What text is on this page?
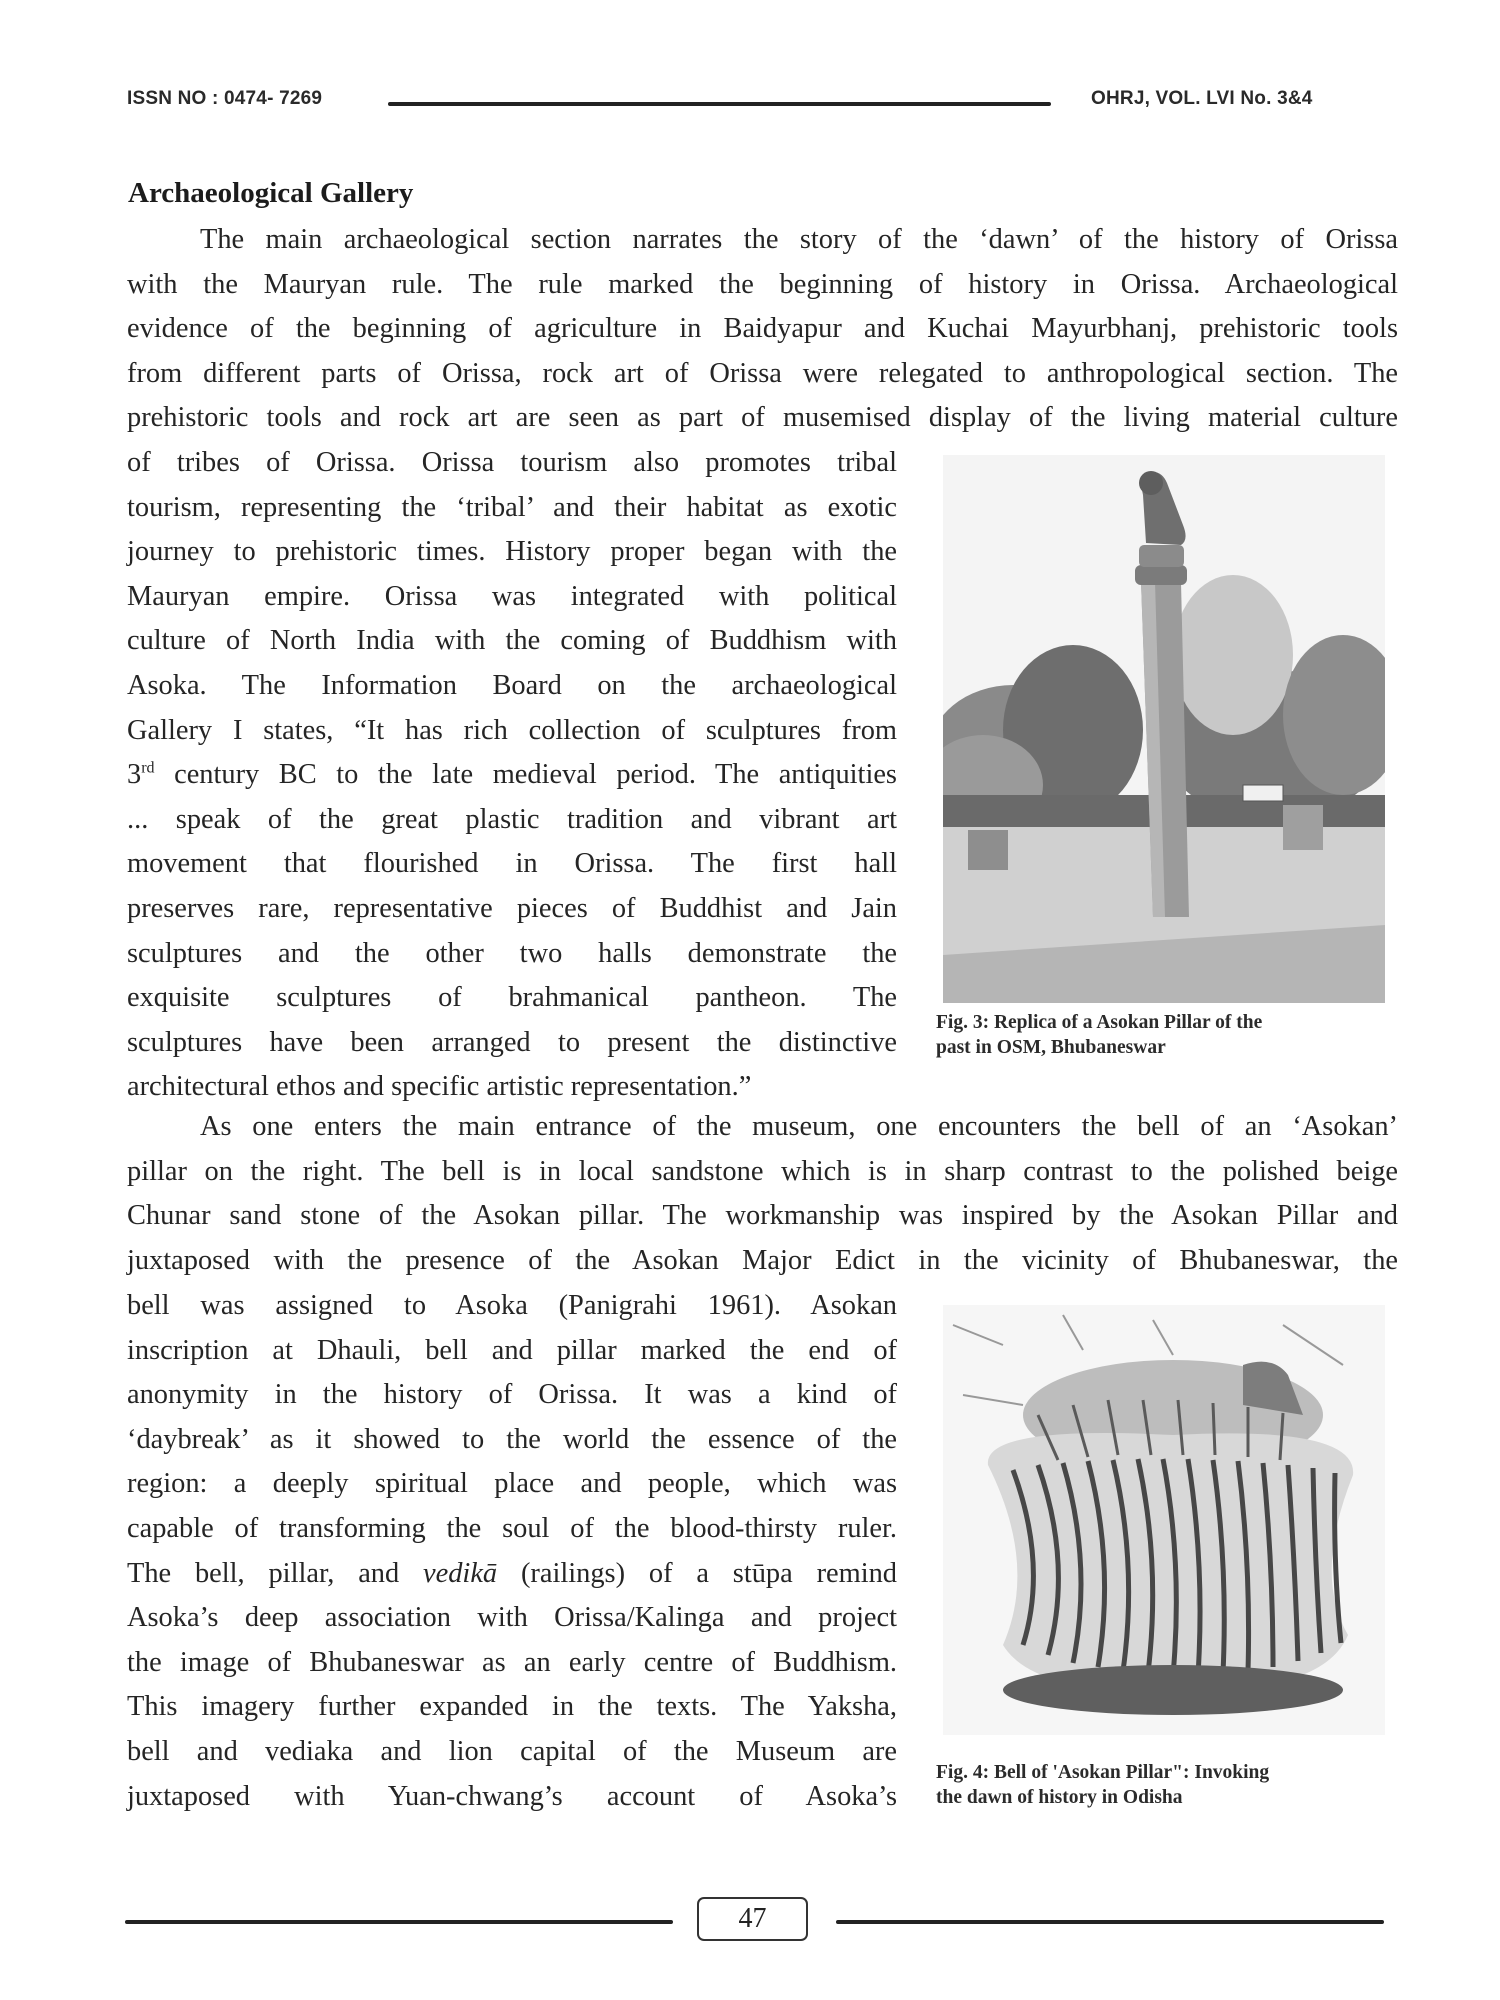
ISSN NO : 0474- 7269	OHRJ, VOL. LVI No. 3&4
Archaeological Gallery
The main archaeological section narrates the story of the ‘dawn’ of the history of Orissa
with the Mauryan rule. The rule marked the beginning of history in Orissa. Archaeological
evidence of the beginning of agriculture in Baidyapur and Kuchai Mayurbhanj, prehistoric tools
from different parts of Orissa, rock art of Orissa were relegated to anthropological section. The
prehistoric tools and rock art are seen as part of musemised display of the living material culture
of tribes of Orissa. Orissa tourism also promotes tribal
tourism, representing the ‘tribal’ and their habitat as exotic
journey to prehistoric times. History proper began with the
Mauryan empire. Orissa was integrated with political
culture of North India with the coming of Buddhism with
Asoka. The Information Board on the archaeological
Gallery I states, “It has rich collection of sculptures from
3rd century BC to the late medieval period. The antiquities
... speak of the great plastic tradition and vibrant art
movement that flourished in Orissa. The first hall
preserves rare, representative pieces of Buddhist and Jain
sculptures and the other two halls demonstrate the
exquisite sculptures of brahmanical pantheon. The
sculptures have been arranged to present the distinctive
architectural ethos and specific artistic representation.”
Fig. 3: Replica of a Asokan Pillar of the
past in OSM, Bhubaneswar
As one enters the main entrance of the museum, one encounters the bell of an ‘Asokan’
pillar on the right. The bell is in local sandstone which is in sharp contrast to the polished beige
Chunar sand stone of the Asokan pillar. The workmanship was inspired by the Asokan Pillar and
juxtaposed with the presence of the Asokan Major Edict in the vicinity of Bhubaneswar, the
bell was assigned to Asoka (Panigrahi 1961). Asokan
inscription at Dhauli, bell and pillar marked the end of
anonymity in the history of Orissa. It was a kind of
‘daybreak’ as it showed to the world the essence of the
region: a deeply spiritual place and people, which was
capable of transforming the soul of the blood-thirsty ruler.
The bell, pillar, and vedikā (railings) of a stūpa remind
Asoka’s deep association with Orissa/Kalinga and project
the image of Bhubaneswar as an early centre of Buddhism.
This imagery further expanded in the texts. The Yaksha,
bell and vediaka and lion capital of the Museum are
juxtaposed with Yuan-chwang’s account of Asoka’s
Fig. 4: Bell of 'Asokan Pillar": Invoking
the dawn of history in Odisha
47
